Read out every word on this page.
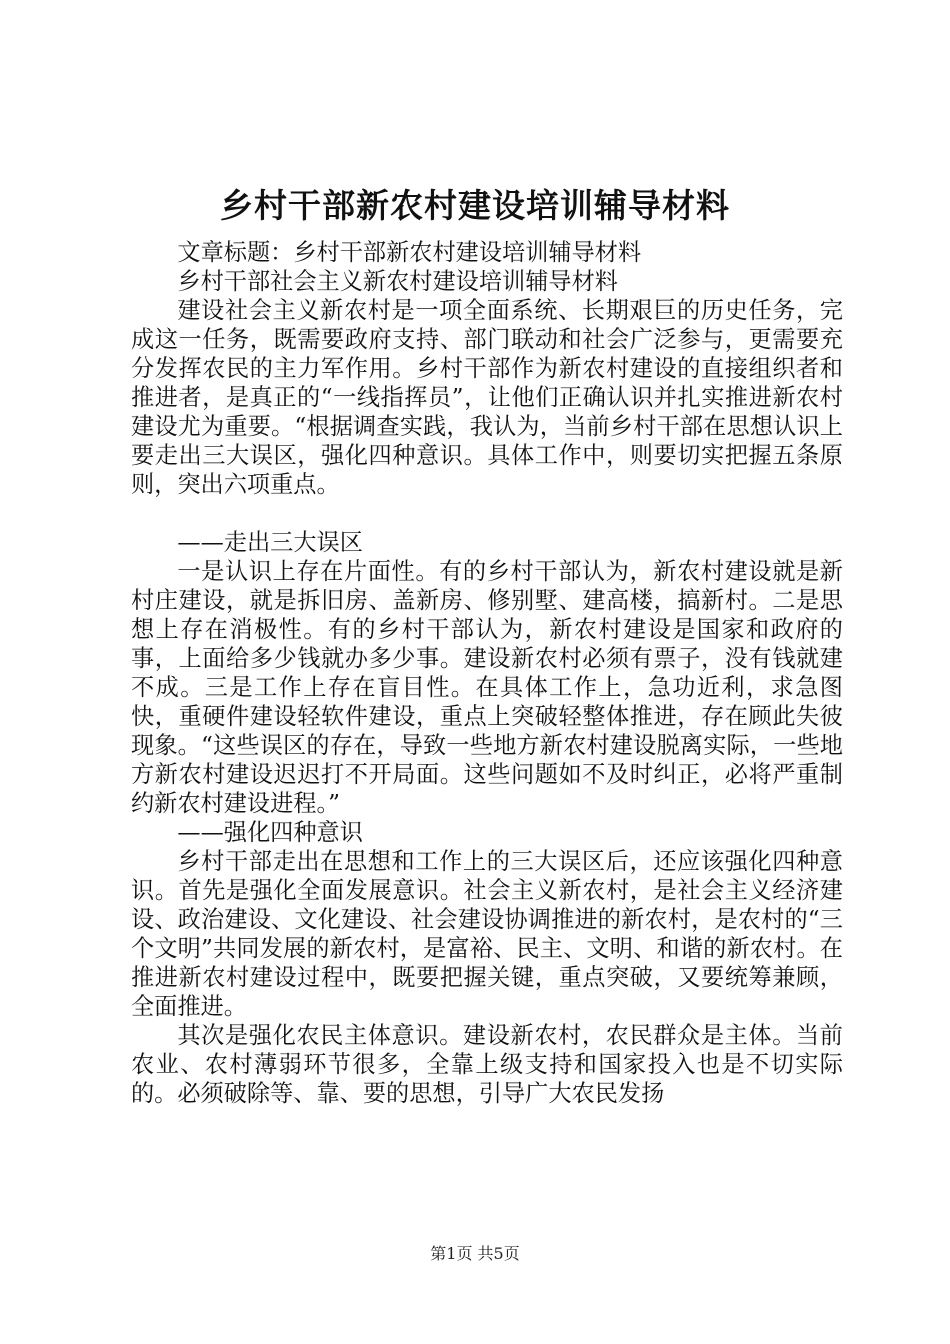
乡村干部新农村建设培训辅导材料

文章标题：乡村干部新农村建设培训辅导材料

乡村干部社会主义新农村建设培训辅导材料

建设社会主义新农村是一项全面系统、长期艰巨的历史任务，完成这一任务，既需要政府支持、部门联动和社会广泛参与，更需要充分发挥农民的主力军作用。乡村干部作为新农村建设的直接组织者和推进者，是真正的“一线指挥员”，让他们正确认识并扎实推进新农村建设尤为重要。“根据调查实践，我认为，当前乡村干部在思想认识上要走出三大误区，强化四种意识。具体工作中，则要切实把握五条原则，突出六项重点。

——走出三大误区

一是认识上存在片面性。有的乡村干部认为，新农村建设就是新村庄建设，就是拆旧房、盖新房、修别墅、建高楼，搞新村。二是思想上存在消极性。有的乡村干部认为，新农村建设是国家和政府的事，上面给多少钱就办多少事。建设新农村必须有票子，没有钱就建不成。三是工作上存在盲目性。在具体工作上，急功近利，求急图快，重硬件建设轻软件建设，重点上突破轻整体推进，存在顾此失彼现象。“这些误区的存在，导致一些地方新农村建设脱离实际，一些地方新农村建设迟迟打不开局面。这些问题如不及时纠正，必将严重制约新农村建设进程。”

——强化四种意识

乡村干部走出在思想和工作上的三大误区后，还应该强化四种意识。首先是强化全面发展意识。社会主义新农村，是社会主义经济建设、政治建设、文化建设、社会建设协调推进的新农村，是农村的“三个文明”共同发展的新农村，是富裕、民主、文明、和谐的新农村。在推进新农村建设过程中，既要把握关键，重点突破，又要统筹兼顾，全面推进。

其次是强化农民主体意识。建设新农村，农民群众是主体。当前农业、农村薄弱环节很多，全靠上级支持和国家投入也是不切实际的。必须破除等、靠、要的思想，引导广大农民发扬

第1页 共5页
